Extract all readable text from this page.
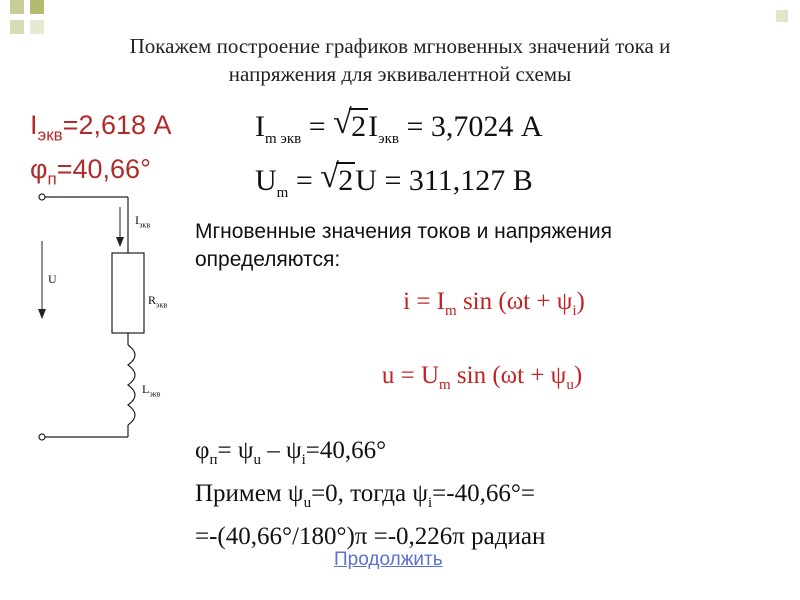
Покажем построение графиков мгновенных значений тока и
напряжения для эквивалентной схемы
$I_{экв}=2,618$ А
$\varphi_п=40,66^\circ$
$I_{m экв}$ = √ $2I_{экв} = 3,7024$ А
$U_m$ = √ 2U = 311,127 В
$I_{экв}$
U
$R_{экв}$
$L_{экв}$
Мгновенные значения токов и напряжения
определяются:
$i = I_m$ $\sin (\omega t + \psi_i)$
$u = U_m$ $\sin (\omega t + \psi_u)$
$\varphi_п= \psi_u - \psi_i=40,66^\circ$
Примем $\psi_u=0$, тогда $\psi_i=-40,66^\circ=$
=-(40,66°/180°)π =-0,226π радиан
Продолжить
